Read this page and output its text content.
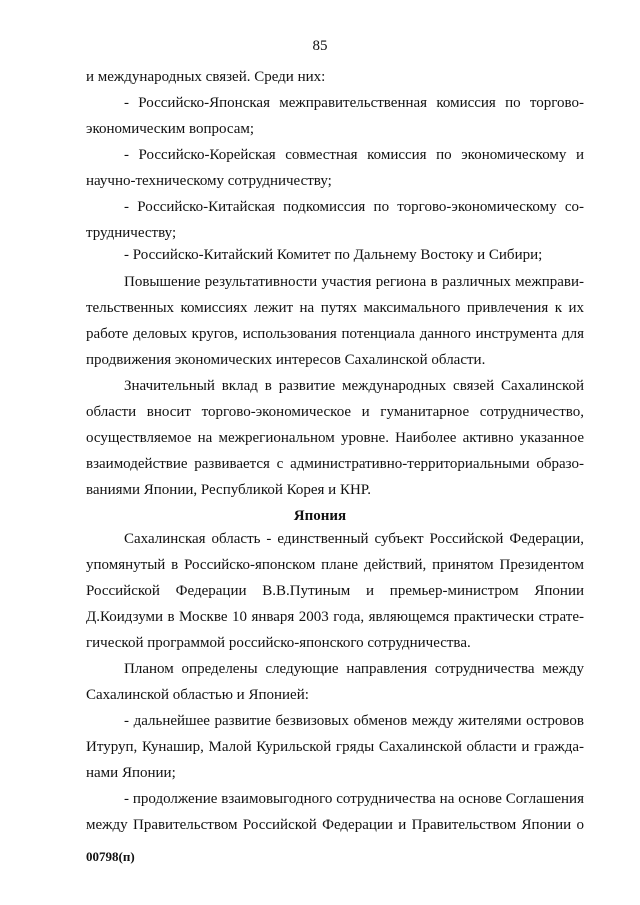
85
и международных связей. Среди них:
- Российско-Японская межправительственная комиссия по торгово-
экономическим вопросам;
- Российско-Корейская совместная комиссия по экономическому и
научно-техническому сотрудничеству;
- Российско-Китайская подкомиссия по торгово-экономическому со-
трудничеству;
- Российско-Китайский Комитет по Дальнему Востоку и Сибири;
Повышение результативности участия региона в различных межправи-
тельственных комиссиях лежит на путях максимального привлечения к их
работе деловых кругов, использования потенциала данного инструмента для
продвижения экономических интересов Сахалинской области.
Значительный вклад в развитие международных связей Сахалинской
области вносит торгово-экономическое и гуманитарное сотрудничество,
осуществляемое на межрегиональном уровне. Наиболее активно указанное
взаимодействие развивается с административно-территориальными образо-
ваниями Японии, Республикой Корея и КНР.
Япония
Сахалинская область - единственный субъект Российской Федерации,
упомянутый в Российско-японском плане действий, принятом Президентом
Российской Федерации В.В.Путиным и премьер-министром Японии
Д.Коидзуми в Москве 10 января 2003 года, являющемся практически страте-
гической программой российско-японского сотрудничества.
Планом определены следующие направления сотрудничества между
Сахалинской областью и Японией:
- дальнейшее развитие безвизовых обменов между жителями островов
Итуруп, Кунашир, Малой Курильской гряды Сахалинской области и гражда-
нами Японии;
- продолжение взаимовыгодного сотрудничества на основе Соглашения
между Правительством Российской Федерации и Правительством Японии о
00798(п)
